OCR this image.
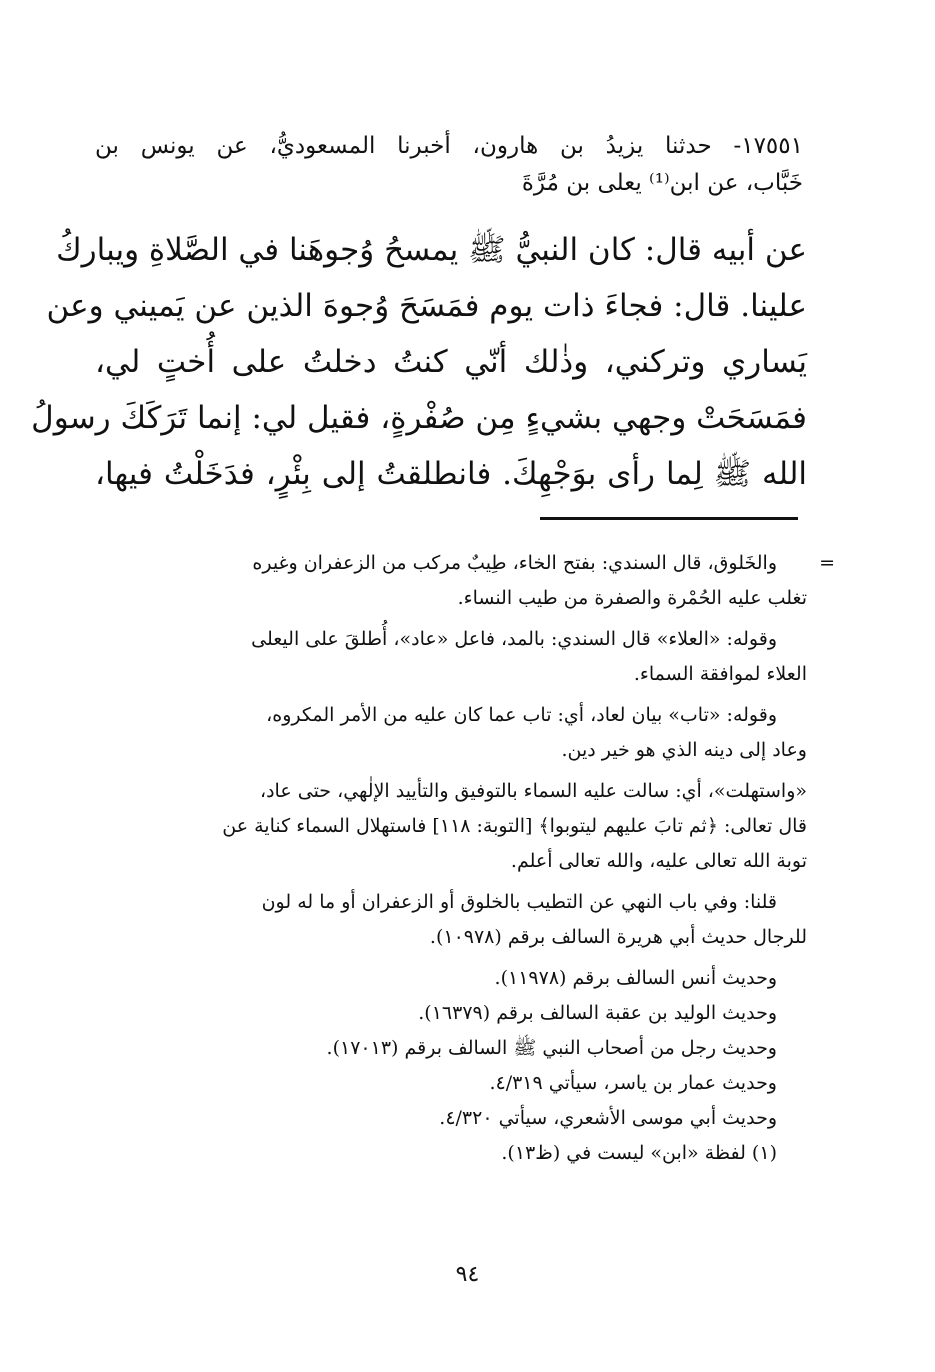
١٧٥٥١- حدثنا يزيدُ بن هارون، أخبرنا المسعوديُّ، عن يونس بن
خَبَّاب، عن ابن⁽¹⁾ يعلى بن مُرَّةَ
عن أبيه قال: كان النبيُّ ﷺ يمسحُ وُجوهَنا في الصَّلاةِ ويباركُ
علينا. قال: فجاءَ ذات يوم فمَسَحَ وُجوهَ الذين عن يَميني وعن
يَساري وتركني، وذٰلك أنّي كنتُ دخلتُ على أُختٍ لي،
فمَسَحَتْ وجهي بشيءٍ مِن صُفْرةٍ، فقيل لي: إنما تَرَكَكَ رسولُ
الله ﷺ لِما رأى بوَجْهِكَ. فانطلقتُ إلى بِئْرٍ، فدَخَلْتُ فيها،
=
والخَلوق، قال السندي: بفتح الخاء، طِيبٌ مركب من الزعفران وغيره
تغلب عليه الحُمْرة والصفرة من طيب النساء.
وقوله: «العلاء» قال السندي: بالمد، فاعل «عاد»، أُطلقَ على اليعلى
العلاء لموافقة السماء.
وقوله: «تاب» بيان لعاد، أي: تاب عما كان عليه من الأمر المكروه،
وعاد إلى دينه الذي هو خير دين.
«واستهلت»، أي: سالت عليه السماء بالتوفيق والتأييد الإلٰهي، حتى عاد،
قال تعالى: ﴿ثم تابَ عليهم ليتوبوا﴾ [التوبة: ١١٨] فاستهلال السماء كناية عن
توبة الله تعالى عليه، والله تعالى أعلم.
قلنا: وفي باب النهي عن التطيب بالخلوق أو الزعفران أو ما له لون
للرجال حديث أبي هريرة السالف برقم (١٠٩٧٨).
وحديث أنس السالف برقم (١١٩٧٨).
وحديث الوليد بن عقبة السالف برقم (١٦٣٧٩).
وحديث رجل من أصحاب النبي ﷺ السالف برقم (١٧٠١٣).
وحديث عمار بن ياسر، سيأتي ٤/٣١٩.
وحديث أبي موسى الأشعري، سيأتي ٤/٣٢٠.
(١) لفظة «ابن» ليست في (ظ١٣).
٩٤
